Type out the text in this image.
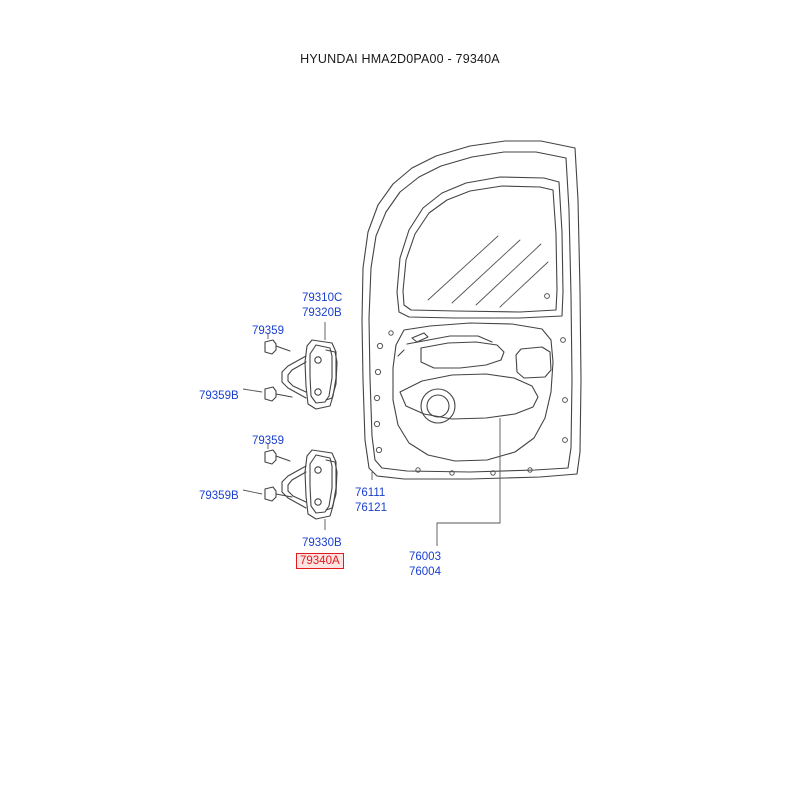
HYUNDAI HMA2D0PA00 - 79340A
79310C
79320B
79359
79359B
79359
79359B
79330B
79340A
76111
76121
76003
76004
